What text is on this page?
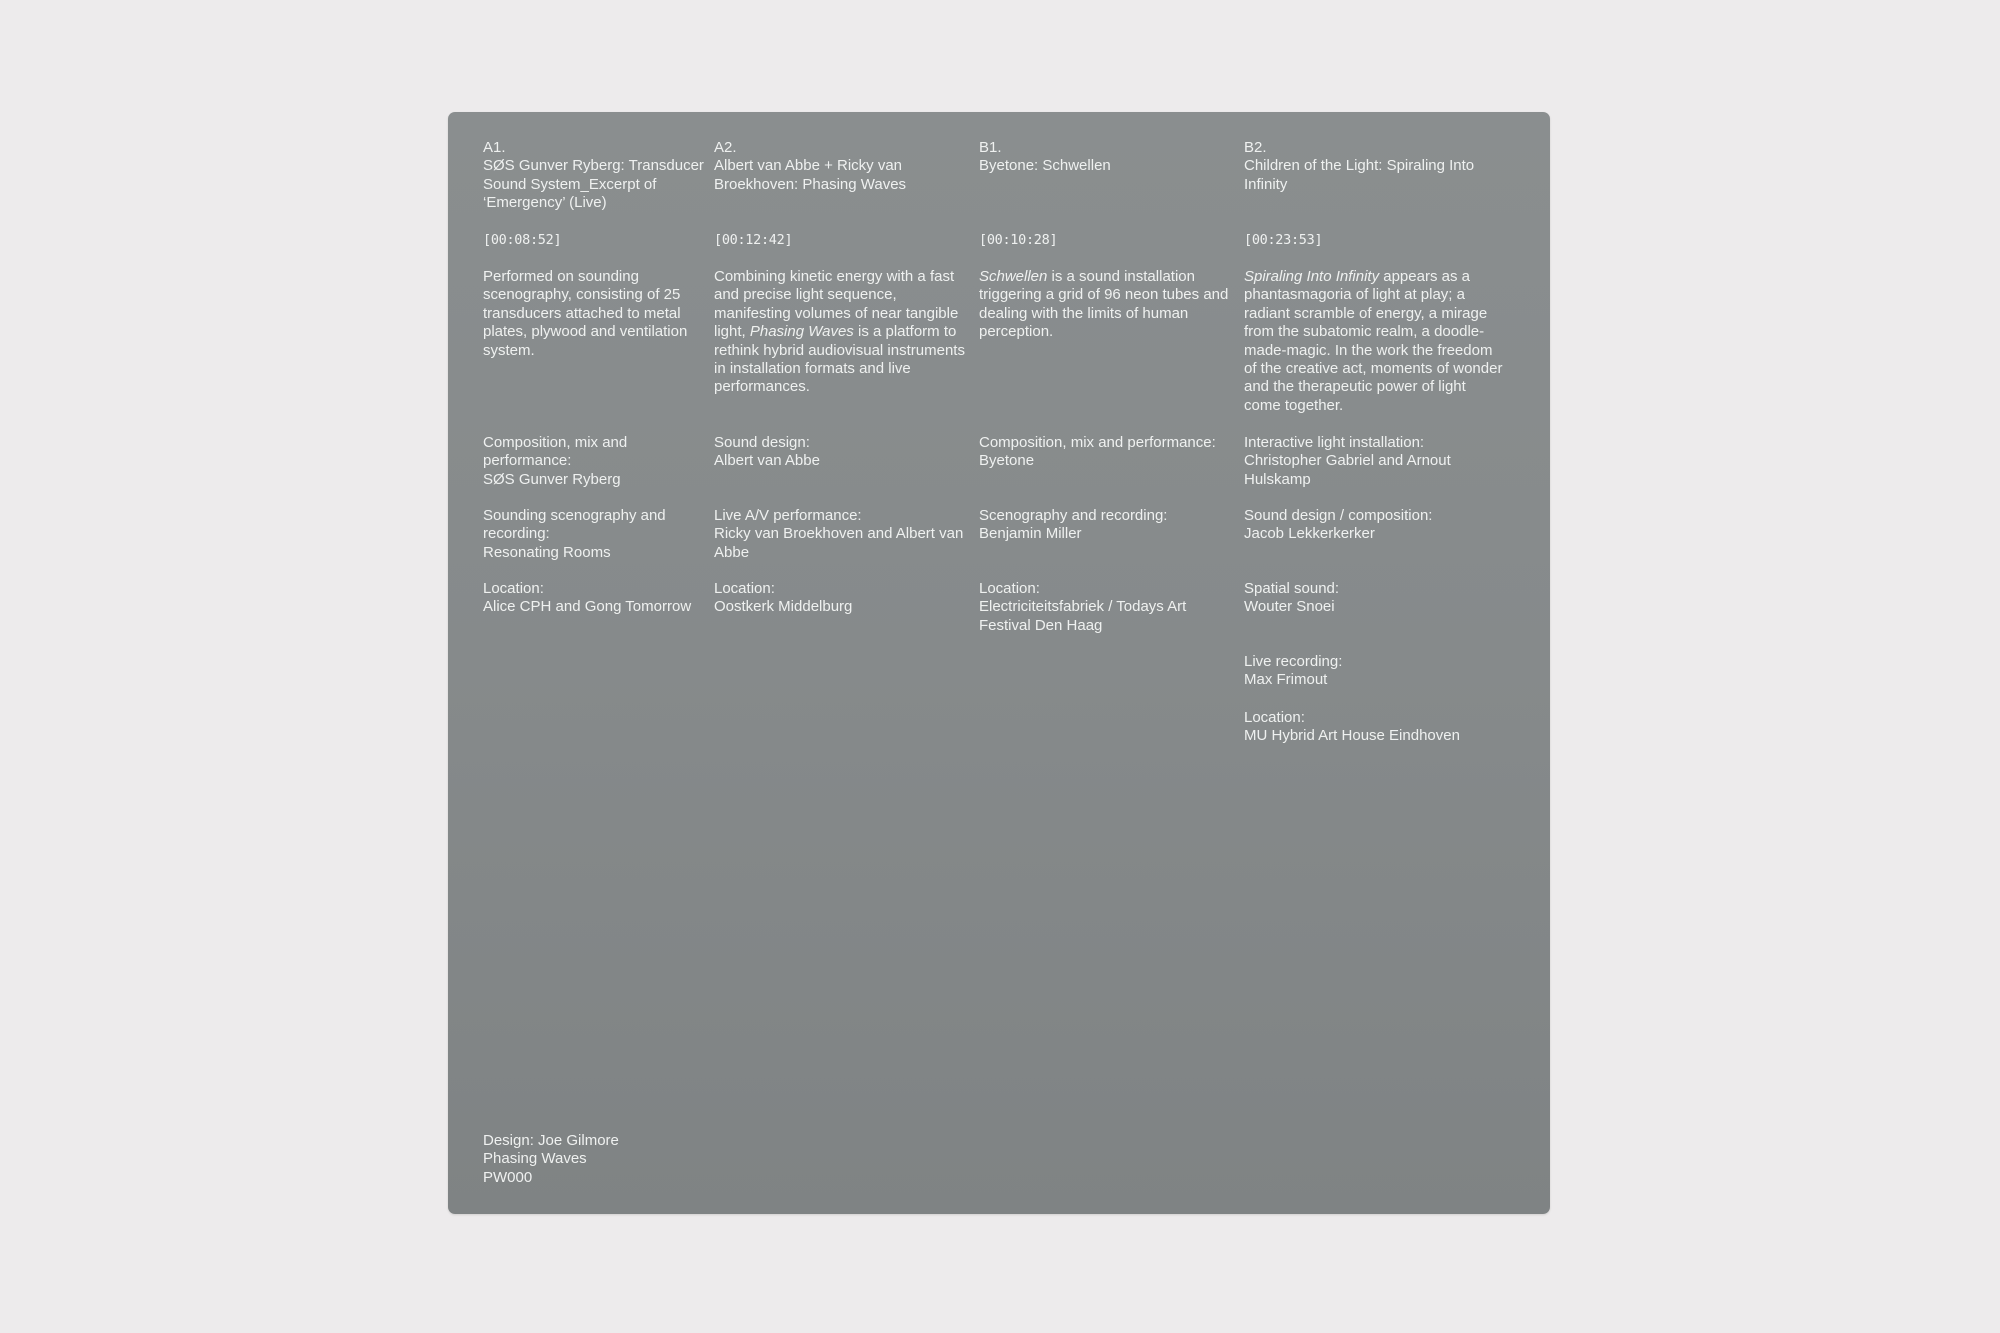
A1.
SØS Gunver Ryberg: Transducer Sound System_Excerpt of ‘Emergency’ (Live)
[00:08:52]
Performed on sounding scenography, consisting of 25 transducers attached to metal plates, plywood and ventilation system.
Composition, mix and performance:
SØS Gunver Ryberg
Sounding scenography and recording:
Resonating Rooms
Location:
Alice CPH and Gong Tomorrow
A2.
Albert van Abbe + Ricky van Broekhoven: Phasing Waves
[00:12:42]
Combining kinetic energy with a fast and precise light sequence, manifesting volumes of near tangible light, Phasing Waves is a platform to rethink hybrid audiovisual instruments in installation formats and live performances.
Sound design:
Albert van Abbe
Live A/V performance:
Ricky van Broekhoven and Albert van Abbe
Location:
Oostkerk Middelburg
B1.
Byetone: Schwellen
[00:10:28]
Schwellen is a sound installation triggering a grid of 96 neon tubes and dealing with the limits of human perception.
Composition, mix and performance:
Byetone
Scenography and recording:
Benjamin Miller
Location:
Electriciteitsfabriek / Todays Art Festival Den Haag
B2.
Children of the Light: Spiraling Into Infinity
[00:23:53]
Spiraling Into Infinity appears as a phantasmagoria of light at play; a radiant scramble of energy, a mirage from the subatomic realm, a doodle-made-magic. In the work the freedom of the creative act, moments of wonder and the therapeutic power of light come together.
Interactive light installation:
Christopher Gabriel and Arnout Hulskamp
Sound design / composition:
Jacob Lekkerkerker
Spatial sound:
Wouter Snoei
Live recording:
Max Frimout
Location:
MU Hybrid Art House Eindhoven
Design: Joe Gilmore
Phasing Waves
PW000
